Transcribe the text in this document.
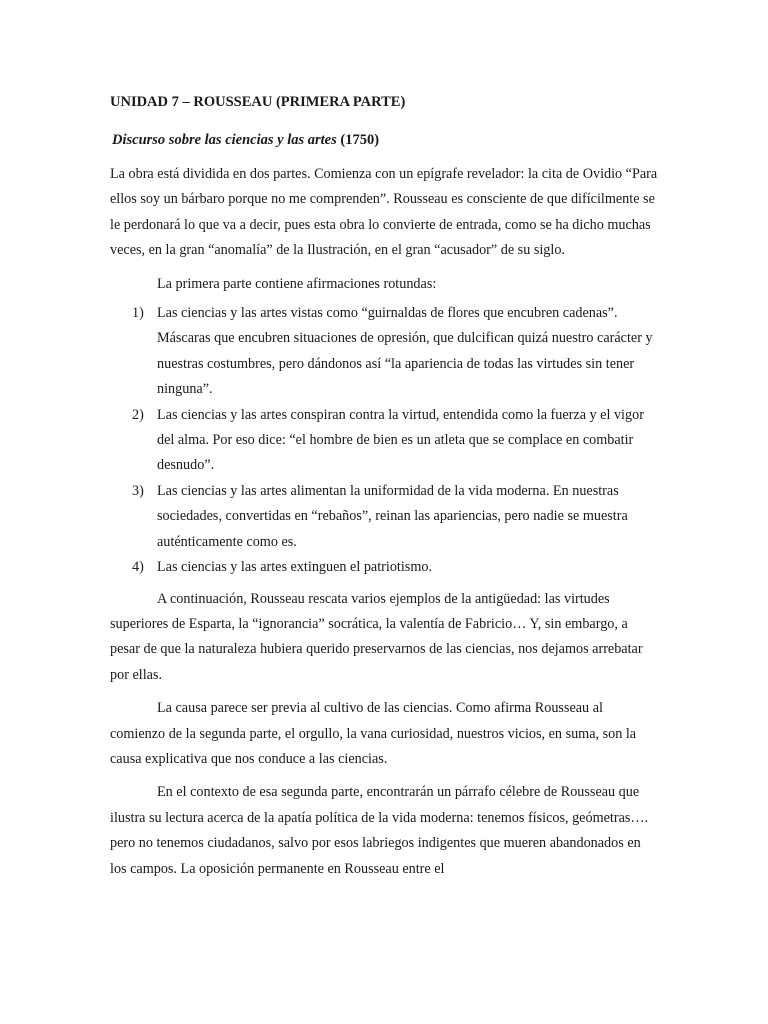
UNIDAD 7 – ROUSSEAU (PRIMERA PARTE)
Discurso sobre las ciencias y las artes (1750)

La obra está dividida en dos partes. Comienza con un epígrafe revelador: la cita de Ovidio “Para ellos soy un bárbaro porque no me comprenden”. Rousseau es consciente de que difícilmente se le perdonará lo que va a decir, pues esta obra lo convierte de entrada, como se ha dicho muchas veces, en la gran “anomalía” de la Ilustración, en el gran “acusador” de su siglo.

La primera parte contiene afirmaciones rotundas:

1) Las ciencias y las artes vistas como “guirnaldas de flores que encubren cadenas”. Máscaras que encubren situaciones de opresión, que dulcifican quizá nuestro carácter y nuestras costumbres, pero dándonos así “la apariencia de todas las virtudes sin tener ninguna”.
2) Las ciencias y las artes conspiran contra la virtud, entendida como la fuerza y el vigor del alma. Por eso dice: “el hombre de bien es un atleta que se complace en combatir desnudo”.
3) Las ciencias y las artes alimentan la uniformidad de la vida moderna. En nuestras sociedades, convertidas en “rebaños”, reinan las apariencias, pero nadie se muestra auténticamente como es.
4) Las ciencias y las artes extinguen el patriotismo.

A continuación, Rousseau rescata varios ejemplos de la antigüedad: las virtudes superiores de Esparta, la “ignorancia” socrática, la valentía de Fabricio… Y, sin embargo, a pesar de que la naturaleza hubiera querido preservarnos de las ciencias, nos dejamos arrebatar por ellas.

La causa parece ser previa al cultivo de las ciencias. Como afirma Rousseau al comienzo de la segunda parte, el orgullo, la vana curiosidad, nuestros vicios, en suma, son la causa explicativa que nos conduce a las ciencias.

En el contexto de esa segunda parte, encontrarán un párrafo célebre de Rousseau que ilustra su lectura acerca de la apatía política de la vida moderna: tenemos físicos, geómetras…. pero no tenemos ciudadanos, salvo por esos labriegos indigentes que mueren abandonados en los campos. La oposición permanente en Rousseau entre el
